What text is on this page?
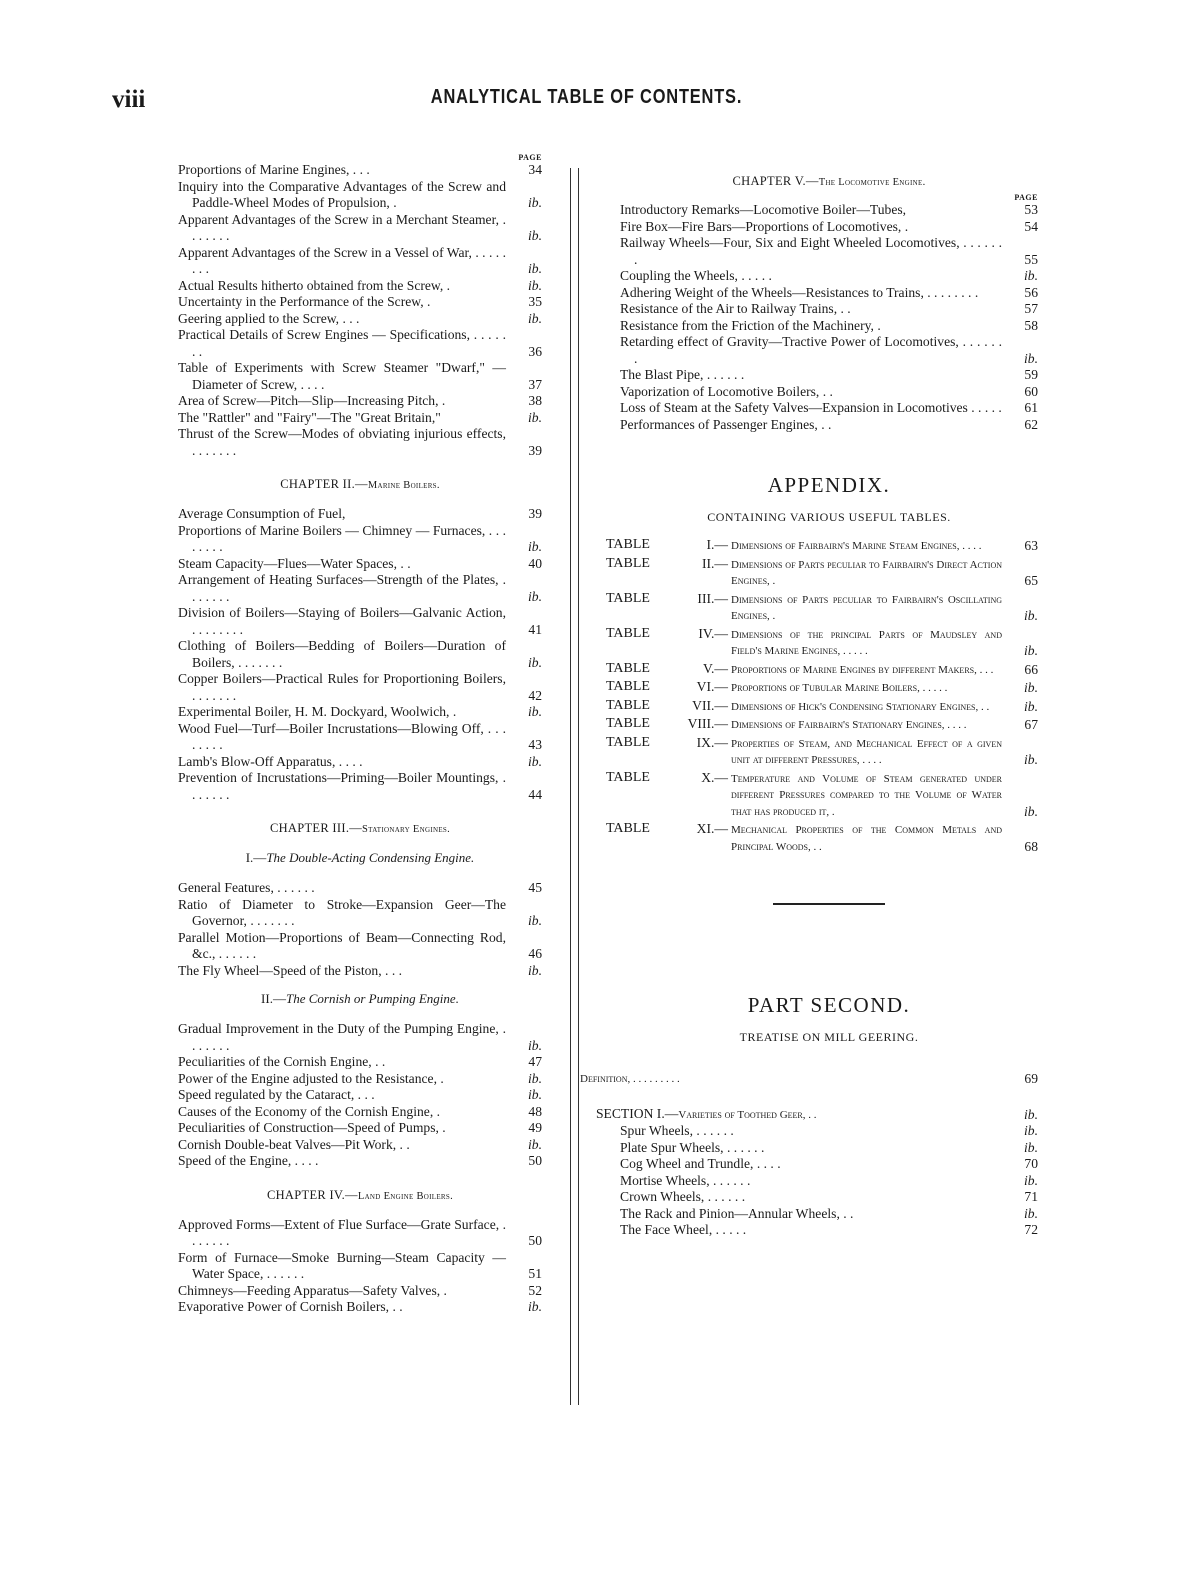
viii	ANALYTICAL TABLE OF CONTENTS.
PAGE
Proportions of Marine Engines, . . .	34
Inquiry into the Comparative Advantages of the Screw and Paddle-Wheel Modes of Propulsion, .	ib.
Apparent Advantages of the Screw in a Merchant Steamer, . . . . . . .	ib.
Apparent Advantages of the Screw in a Vessel of War, . . . . . . . .	ib.
Actual Results hitherto obtained from the Screw, .	ib.
Uncertainty in the Performance of the Screw, .	35
Geering applied to the Screw, . . .	ib.
Practical Details of Screw Engines — Specifications, . . . . . . .	36
Table of Experiments with Screw Steamer "Dwarf," —Diameter of Screw, . . . .	37
Area of Screw—Pitch—Slip—Increasing Pitch, .	38
The "Rattler" and "Fairy"—The "Great Britain,"	ib.
Thrust of the Screw—Modes of obviating injurious effects, . . . . . . .	39
CHAPTER II.—Marine Boilers.
Average Consumption of Fuel,	39
Proportions of Marine Boilers — Chimney — Furnaces, . . . . . . . .	ib.
Steam Capacity—Flues—Water Spaces, . .	40
Arrangement of Heating Surfaces—Strength of the Plates, . . . . . . .	ib.
Division of Boilers—Staying of Boilers—Galvanic Action, . . . . . . . .	41
Clothing of Boilers—Bedding of Boilers—Duration of Boilers, . . . . . . .	ib.
Copper Boilers—Practical Rules for Proportioning Boilers, . . . . . . .	42
Experimental Boiler, H. M. Dockyard, Woolwich, .	ib.
Wood Fuel—Turf—Boiler Incrustations—Blowing Off, . . . . . . . .	43
Lamb's Blow-Off Apparatus, . . . .	ib.
Prevention of Incrustations—Priming—Boiler Mountings, . . . . . . .	44
CHAPTER III.—Stationary Engines.
I.—The Double-Acting Condensing Engine.
General Features, . . . . . .	45
Ratio of Diameter to Stroke—Expansion Geer—The Governor, . . . . . . .	ib.
Parallel Motion—Proportions of Beam—Connecting Rod, &c., . . . . . .	46
The Fly Wheel—Speed of the Piston, . . .	ib.
II.—The Cornish or Pumping Engine.
Gradual Improvement in the Duty of the Pumping Engine, . . . . . . .	ib.
Peculiarities of the Cornish Engine, . .	47
Power of the Engine adjusted to the Resistance, .	ib.
Speed regulated by the Cataract, . . .	ib.
Causes of the Economy of the Cornish Engine, .	48
Peculiarities of Construction—Speed of Pumps, .	49
Cornish Double-beat Valves—Pit Work, . .	ib.
Speed of the Engine, . . . .	50
CHAPTER IV.—Land Engine Boilers.
Approved Forms—Extent of Flue Surface—Grate Surface, . . . . . . .	50
Form of Furnace—Smoke Burning—Steam Capacity —Water Space, . . . . . .	51
Chimneys—Feeding Apparatus—Safety Valves, .	52
Evaporative Power of Cornish Boilers, . .	ib.
CHAPTER V.—The Locomotive Engine.
PAGE
Introductory Remarks—Locomotive Boiler—Tubes,	53
Fire Box—Fire Bars—Proportions of Locomotives, .	54
Railway Wheels—Four, Six and Eight Wheeled Locomotives, . . . . . . .	55
Coupling the Wheels, . . . . .	ib.
Adhering Weight of the Wheels—Resistances to Trains, . . . . . . . .	56
Resistance of the Air to Railway Trains, . .	57
Resistance from the Friction of the Machinery, .	58
Retarding effect of Gravity—Tractive Power of Locomotives, . . . . . . .	ib.
The Blast Pipe, . . . . . .	59
Vaporization of Locomotive Boilers, . .	60
Loss of Steam at the Safety Valves—Expansion in Locomotives . . . . .	61
Performances of Passenger Engines, . .	62
APPENDIX.
CONTAINING VARIOUS USEFUL TABLES.
TABLE	I.— Dimensions of Fairbairn's Marine Steam Engines, . . . .	63
TABLE	II.— Dimensions of Parts peculiar to Fairbairn's Direct Action Engines, .	65
TABLE	III.— Dimensions of Parts peculiar to Fairbairn's Oscillating Engines, .	ib.
TABLE	IV.— Dimensions of the principal Parts of Maudsley and Field's Marine Engines, . . . . .	ib.
TABLE	V.— Proportions of Marine Engines by different Makers, . . .	66
TABLE	VI.— Proportions of Tubular Marine Boilers, . . . . .	ib.
TABLE	VII.— Dimensions of Hick's Condensing Stationary Engines, . .	ib.
TABLE	VIII.— Dimensions of Fairbairn's Stationary Engines, . . . .	67
TABLE	IX.— Properties of Steam, and Mechanical Effect of a given unit at different Pressures, . . . .	ib.
TABLE	X.— Temperature and Volume of Steam generated under different Pressures compared to the Volume of Water that has produced it, .	ib.
TABLE	XI.— Mechanical Properties of the Common Metals and Principal Woods, . .	68
PART SECOND.
TREATISE ON MILL GEERING.
Definition, . . . . . . . . .	69
SECTION I.—Varieties of Toothed Geer, . .	ib.
Spur Wheels, . . . . . .	ib.
Plate Spur Wheels, . . . . . .	ib.
Cog Wheel and Trundle, . . . .	70
Mortise Wheels, . . . . . .	ib.
Crown Wheels, . . . . . .	71
The Rack and Pinion—Annular Wheels, . .	ib.
The Face Wheel, . . . . .	72
